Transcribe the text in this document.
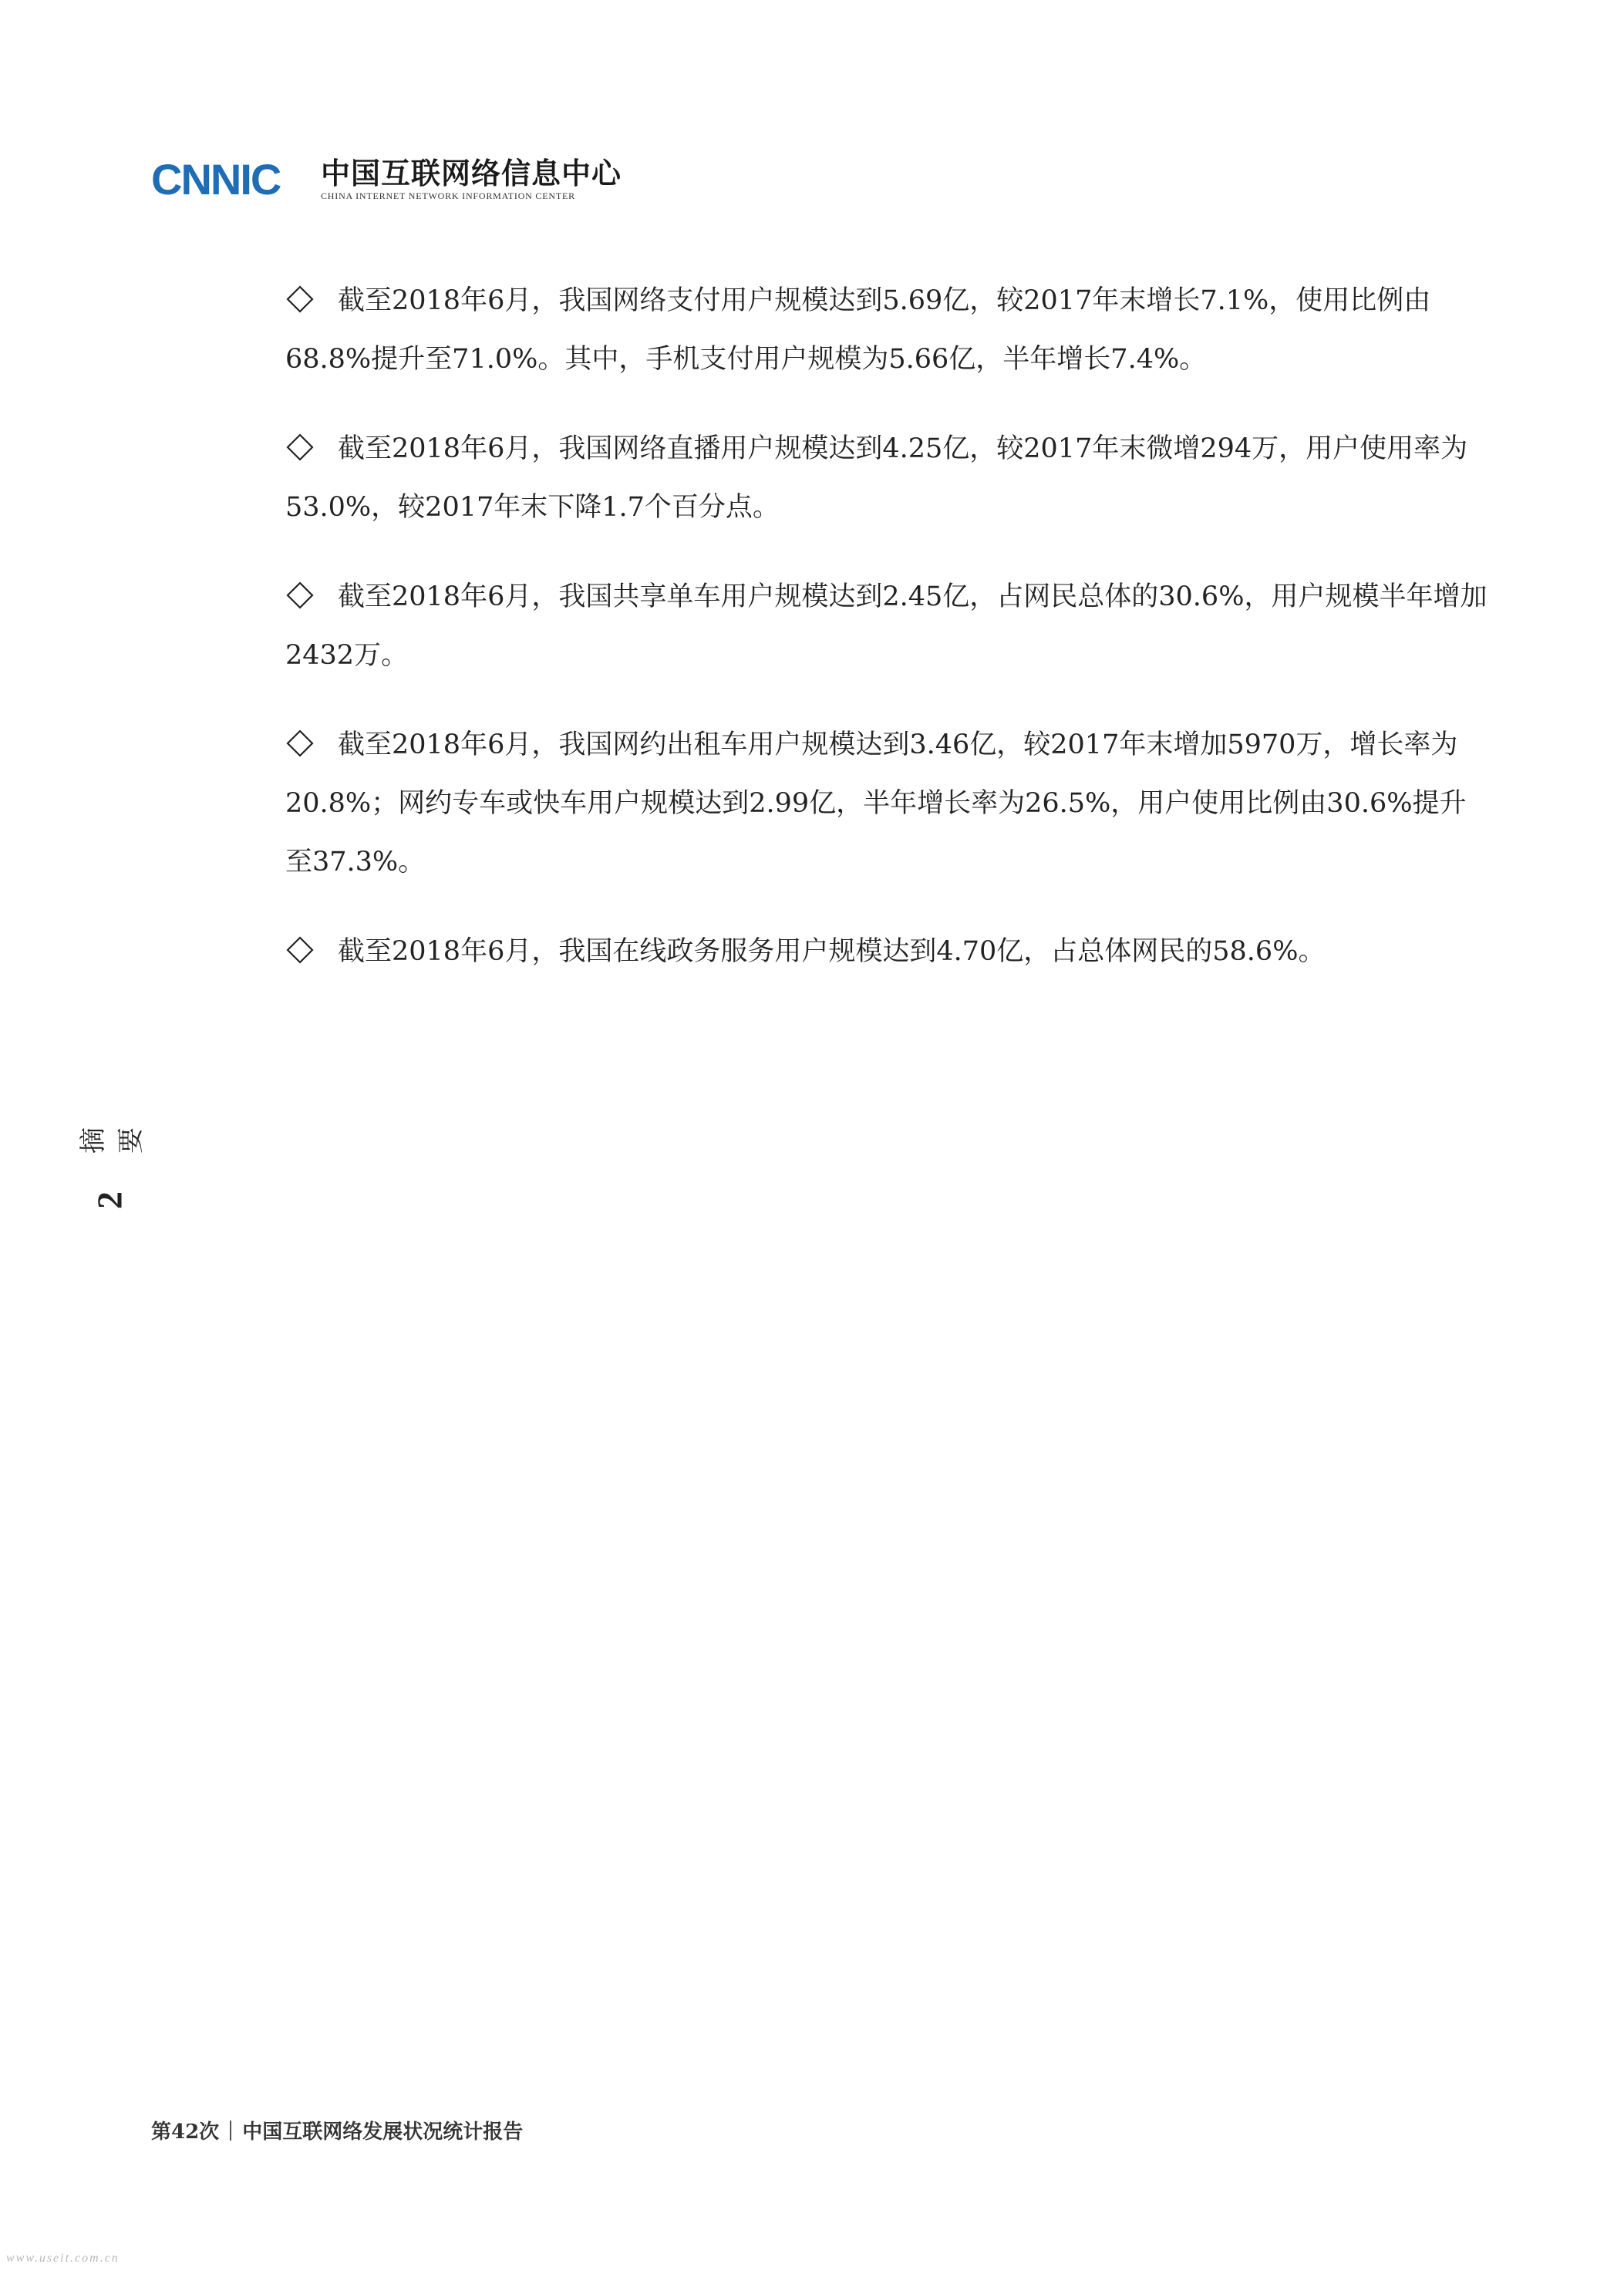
CNNIC 中国互联网络信息中心
CHINA INTERNET NETWORK INFORMATION CENTER
截至2018年6月，我国网络支付用户规模达到5.69亿，较2017年末增长7.1%，使用比例由68.8%提升至71.0%。其中，手机支付用户规模为5.66亿，半年增长7.4%。
截至2018年6月，我国网络直播用户规模达到4.25亿，较2017年末微增294万，用户使用率为53.0%，较2017年末下降1.7个百分点。
截至2018年6月，我国共享单车用户规模达到2.45亿，占网民总体的30.6%，用户规模半年增加2432万。
截至2018年6月，我国网约出租车用户规模达到3.46亿，较2017年末增加5970万，增长率为20.8%；网约专车或快车用户规模达到2.99亿，半年增长率为26.5%，用户使用比例由30.6%提升至37.3%。
截至2018年6月，我国在线政务服务用户规模达到4.70亿，占总体网民的58.6%。
摘要
2
第42次 中国互联网络发展状况统计报告
www.useit.com.cn
